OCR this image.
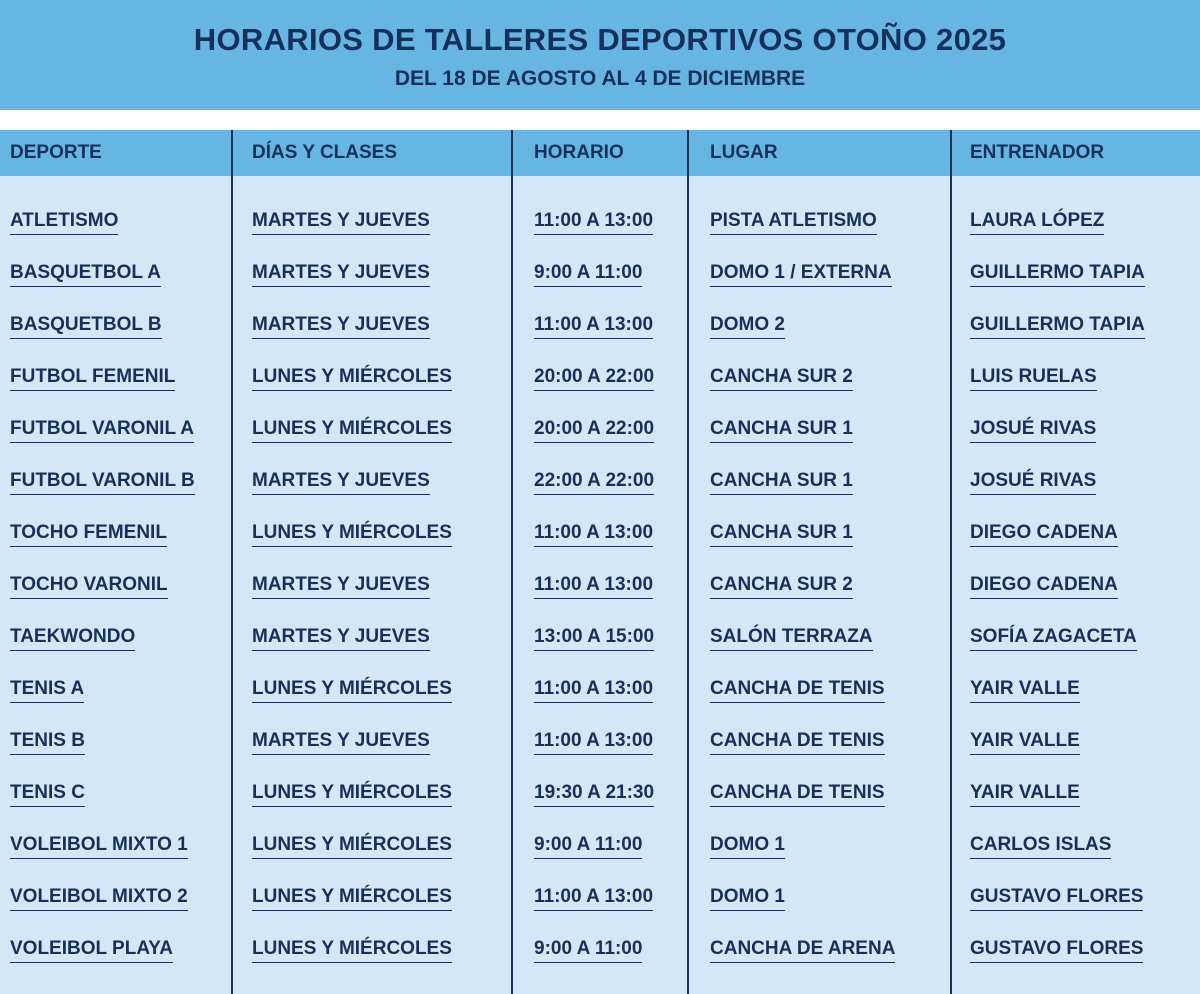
HORARIOS DE TALLERES DEPORTIVOS OTOÑO 2025
DEL 18 DE AGOSTO AL 4 DE DICIEMBRE
DEPORTE	DÍAS Y CLASES	HORARIO	LUGAR	ENTRENADOR
ATLETISMO	MARTES Y JUEVES	11:00 A 13:00	PISTA ATLETISMO	LAURA LÓPEZ
BASQUETBOL A	MARTES Y JUEVES	9:00 A 11:00	DOMO 1 / EXTERNA	GUILLERMO TAPIA
BASQUETBOL B	MARTES Y JUEVES	11:00 A 13:00	DOMO 2	GUILLERMO TAPIA
FUTBOL FEMENIL	LUNES Y MIÉRCOLES	20:00 A 22:00	CANCHA SUR 2	LUIS RUELAS
FUTBOL VARONIL A	LUNES Y MIÉRCOLES	20:00 A 22:00	CANCHA SUR 1	JOSUÉ RIVAS
FUTBOL VARONIL B	MARTES Y JUEVES	22:00 A 22:00	CANCHA SUR 1	JOSUÉ RIVAS
TOCHO FEMENIL	LUNES Y MIÉRCOLES	11:00 A 13:00	CANCHA SUR 1	DIEGO CADENA
TOCHO VARONIL	MARTES Y JUEVES	11:00 A 13:00	CANCHA SUR 2	DIEGO CADENA
TAEKWONDO	MARTES Y JUEVES	13:00 A 15:00	SALÓN TERRAZA	SOFÍA ZAGACETA
TENIS A	LUNES Y MIÉRCOLES	11:00 A 13:00	CANCHA DE TENIS	YAIR VALLE
TENIS B	MARTES Y JUEVES	11:00 A 13:00	CANCHA DE TENIS	YAIR VALLE
TENIS C	LUNES Y MIÉRCOLES	19:30 A 21:30	CANCHA DE TENIS	YAIR VALLE
VOLEIBOL MIXTO 1	LUNES Y MIÉRCOLES	9:00 A 11:00	DOMO 1	CARLOS ISLAS
VOLEIBOL MIXTO 2	LUNES Y MIÉRCOLES	11:00 A 13:00	DOMO 1	GUSTAVO FLORES
VOLEIBOL PLAYA	LUNES Y MIÉRCOLES	9:00 A 11:00	CANCHA DE ARENA	GUSTAVO FLORES
